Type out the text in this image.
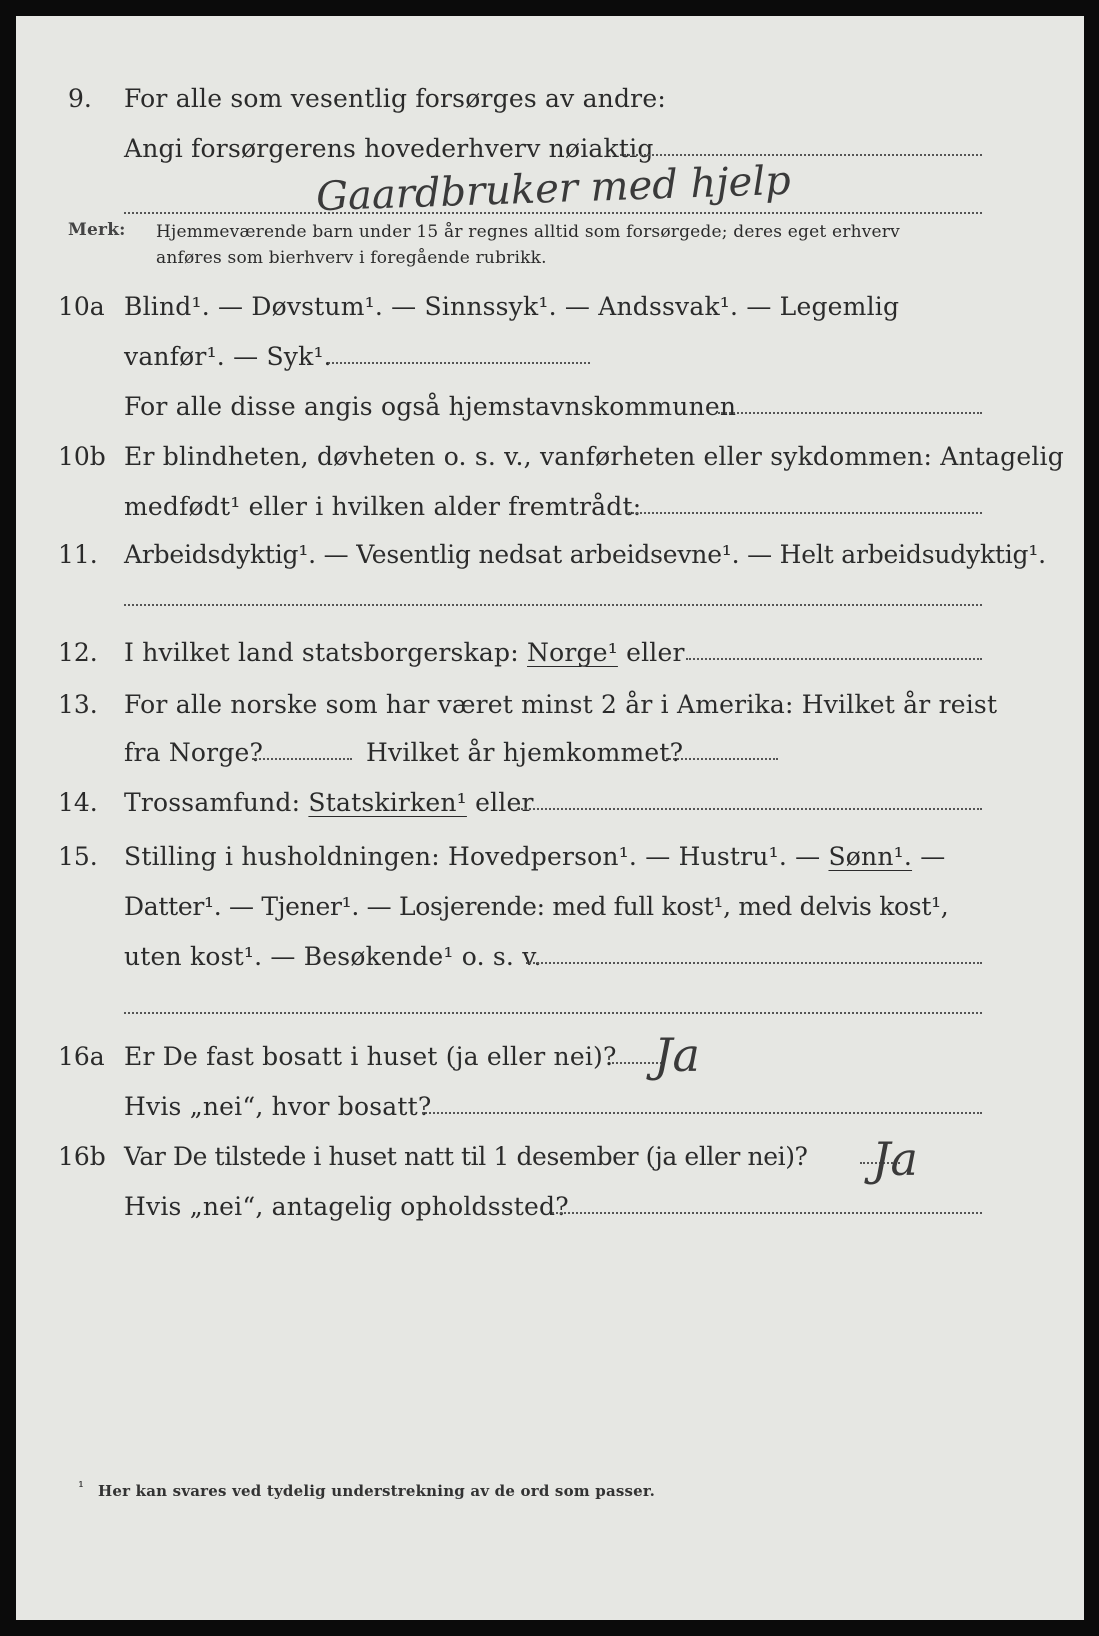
9. For alle som vesentlig forsørges av andre:
Angi forsørgerens hovederhverv nøiaktig
Gaardbruker med hjelp
Merk: Hjemmeværende barn under 15 år regnes alltid som forsørgede; deres eget erhverv
anføres som bierhverv i foregående rubrikk.
10a Blind¹. — Døvstum¹. — Sinnssyk¹. — Andssvak¹. — Legemlig
vanfør¹. — Syk¹.
For alle disse angis også hjemstavnskommunen
10b Er blindheten, døvheten o. s. v., vanførheten eller sykdommen: Antagelig
medfødt¹ eller i hvilken alder fremtrådt:
11. Arbeidsdyktig¹. — Vesentlig nedsat arbeidsevne¹. — Helt arbeidsudyktig¹.
12. I hvilket land statsborgerskap: Norge¹ eller
13. For alle norske som har været minst 2 år i Amerika: Hvilket år reist
fra Norge?	Hvilket år hjemkommet?
14. Trossamfund: Statskirken¹ eller
15. Stilling i husholdningen: Hovedperson¹. — Hustru¹. — Sønn¹. —
Datter¹. — Tjener¹. — Losjerende: med full kost¹, med delvis kost¹,
uten kost¹. — Besøkende¹ o. s. v.
16a Er De fast bosatt i huset (ja eller nei)? Ja
Hvis „nei“, hvor bosatt?
16b Var De tilstede i huset natt til 1 desember (ja eller nei)? Ja
Hvis „nei“, antagelig opholdssted?
¹ Her kan svares ved tydelig understrekning av de ord som passer.
